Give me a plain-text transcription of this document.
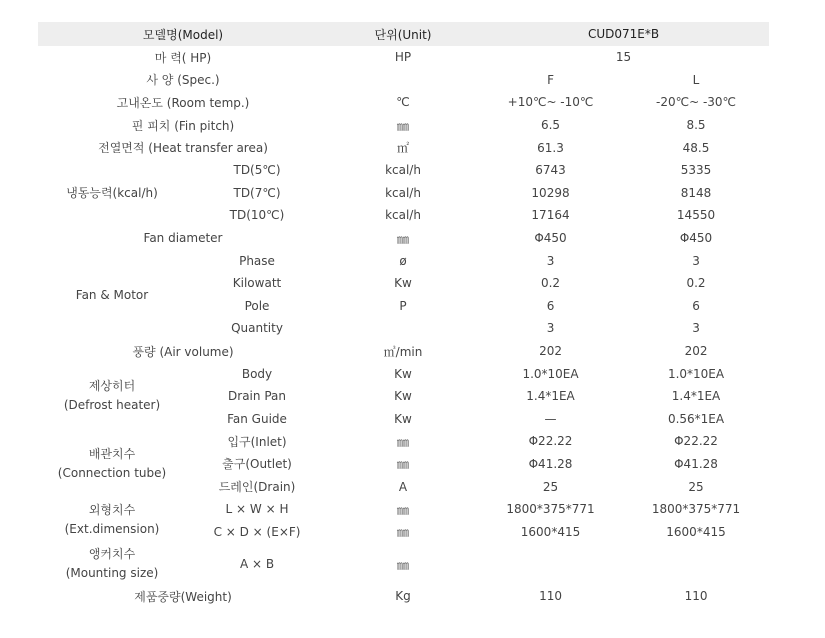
모델명(Model)		단위(Unit)	CUD071E*B	
마 력( HP)		HP	15	
사 양 (Spec.)			F	L
고내온도 (Room temp.)		℃	+10℃~ -10℃	-20℃~ -30℃
핀 피치 (Fin pitch)		㎜	6.5	8.5
전열면적 (Heat transfer area)		㎡	61.3	48.5
냉동능력(kcal/h)	TD(5℃)	kcal/h	6743	5335
	TD(7℃)	kcal/h	10298	8148
	TD(10℃)	kcal/h	17164	14550
Fan diameter		㎜	Φ450	Φ450
Fan & Motor	Phase	ø	3	3
	Kilowatt	Kw	0.2	0.2
	Pole	P	6	6
	Quantity		3	3
풍량 (Air volume)		㎥/min	202	202

제상히터
(Defrost heater)	Body	Kw	1.0*10EA	1.0*10EA
	Drain Pan	Kw	1.4*1EA	1.4*1EA
	Fan Guide	Kw	—	0.56*1EA

배관치수
(Connection tube)	입구(Inlet)	㎜	Φ22.22	Φ22.22
	출구(Outlet)	㎜	Φ41.28	Φ41.28
	드레인(Drain)	A	25	25

외형치수
(Ext.dimension)	L × W × H	㎜	1800*375*771	1800*375*771
	C × D × (E×F)	㎜	1600*415	1600*415

앵커치수
(Mounting size)	A × B	㎜		
제품중량(Weight)		Kg	110	110
